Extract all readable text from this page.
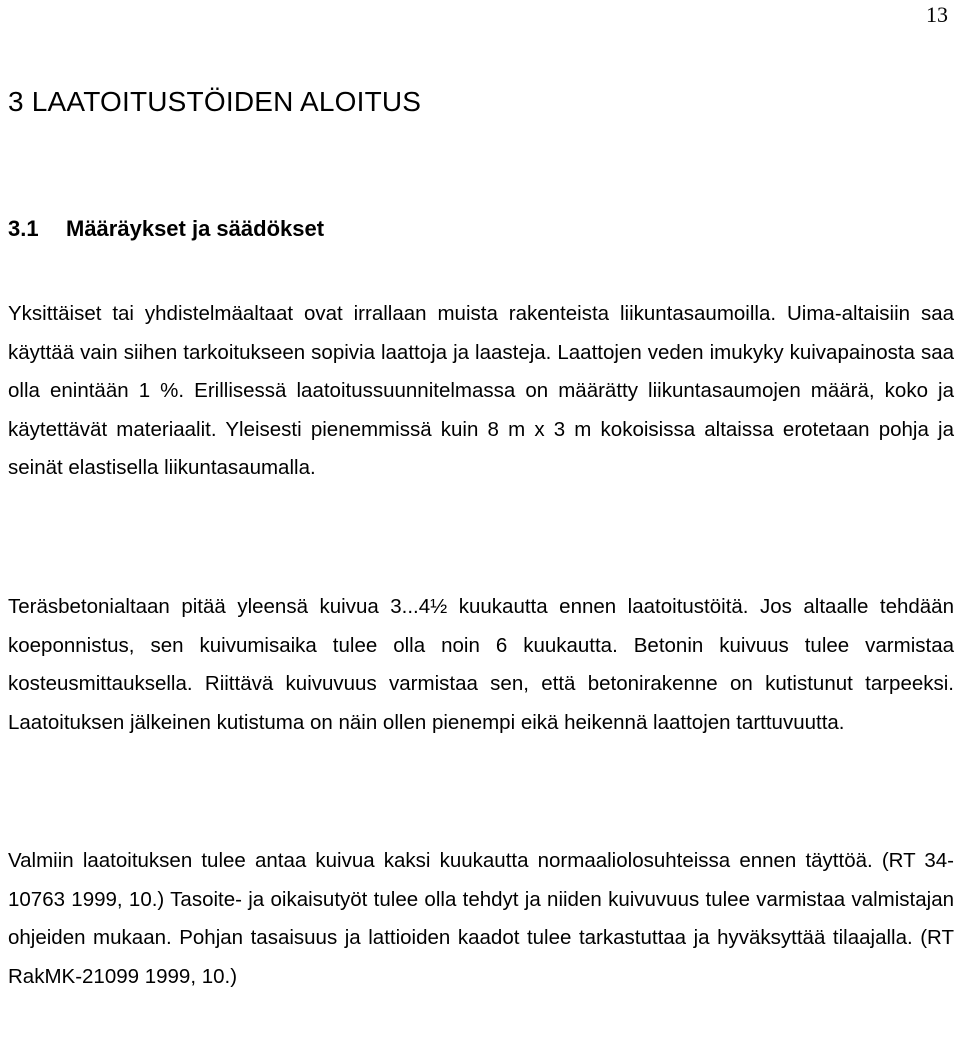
13
3 LAATOITUSTÖIDEN ALOITUS
3.1 Määräykset ja säädökset

Yksittäiset tai yhdistelmäaltaat ovat irrallaan muista rakenteista liikuntasaumoilla. Uima-altaisiin saa käyttää vain siihen tarkoitukseen sopivia laattoja ja laasteja. Laattojen veden imukyky kuivapainosta saa olla enintään 1 %. Erillisessä laatoitussuunnitelmassa on määrätty liikuntasaumojen määrä, koko ja käytettävät materiaalit. Yleisesti pienemmissä kuin 8 m x 3 m kokoisissa altaissa erotetaan pohja ja seinät elastisella liikuntasaumalla.

Teräsbetonialtaan pitää yleensä kuivua 3...4½ kuukautta ennen laatoitustöitä. Jos altaalle tehdään koeponnistus, sen kuivumisaika tulee olla noin 6 kuukautta. Betonin kuivuus tulee varmistaa kosteusmittauksella. Riittävä kuivuvuus varmistaa sen, että betonirakenne on kutistunut tarpeeksi. Laatoituksen jälkeinen kutistuma on näin ollen pienempi eikä heikennä laattojen tarttuvuutta.

Valmiin laatoituksen tulee antaa kuivua kaksi kuukautta normaaliolosuhteissa ennen täyttöä. (RT 34-10763 1999, 10.) Tasoite- ja oikaisutyöt tulee olla tehdyt ja niiden kuivuvuus tulee varmistaa valmistajan ohjeiden mukaan. Pohjan tasaisuus ja lattioiden kaadot tulee tarkastuttaa ja hyväksyttää tilaajalla. (RT RakMK-21099 1999, 10.)
